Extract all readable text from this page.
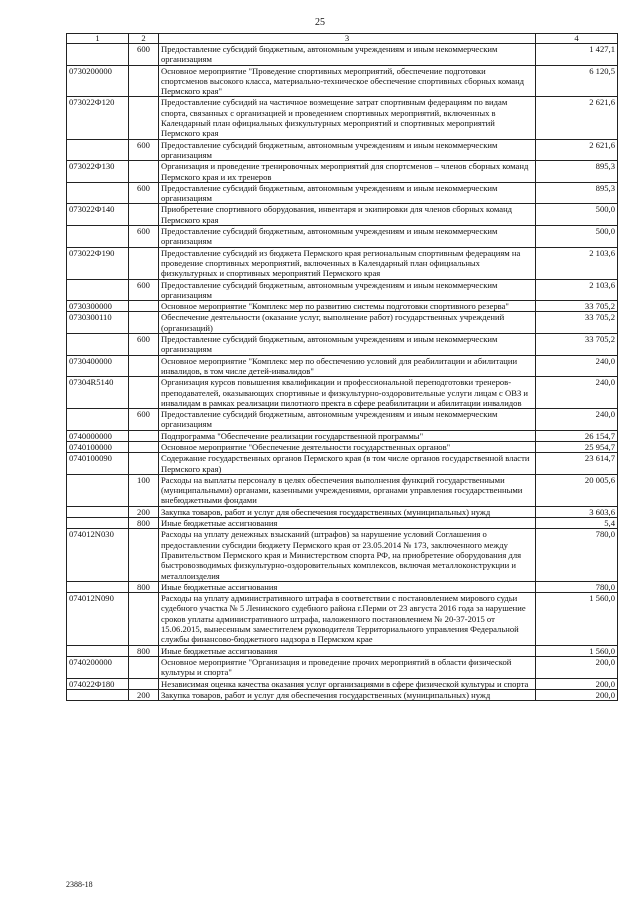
25
1	2	3	4
	600	Предоставление субсидий бюджетным, автономным учреждениям и иным некоммерческим организациям	1 427,1
0730200000		Основное мероприятие "Проведение спортивных мероприятий, обеспечение подготовки спортсменов высокого класса, материально-техническое обеспечение спортивных сборных команд Пермского края"	6 120,5
073022Ф120		Предоставление субсидий на частичное возмещение затрат спортивным федерациям по видам спорта, связанных с организацией и проведением спортивных мероприятий, включенных в Календарный план официальных физкультурных мероприятий и спортивных мероприятий Пермского края	2 621,6
	600	Предоставление субсидий бюджетным, автономным учреждениям и иным некоммерческим организациям	2 621,6
073022Ф130		Организация и проведение тренировочных мероприятий для спортсменов – членов сборных команд Пермского края и их тренеров	895,3
	600	Предоставление субсидий бюджетным, автономным учреждениям и иным некоммерческим организациям	895,3
073022Ф140		Приобретение спортивного оборудования, инвентаря и экипировки для членов сборных команд Пермского края	500,0
	600	Предоставление субсидий бюджетным, автономным учреждениям и иным некоммерческим организациям	500,0
073022Ф190		Предоставление субсидий из бюджета Пермского края региональным спортивным федерациям на проведение спортивных мероприятий, включенных в Календарный план официальных физкультурных и спортивных мероприятий Пермского края	2 103,6
	600	Предоставление субсидий бюджетным, автономным учреждениям и иным некоммерческим организациям	2 103,6
0730300000		Основное мероприятие "Комплекс мер по развитию системы подготовки спортивного резерва"	33 705,2
0730300110		Обеспечение деятельности (оказание услуг, выполнение работ) государственных учреждений (организаций)	33 705,2
	600	Предоставление субсидий бюджетным, автономным учреждениям и иным некоммерческим организациям	33 705,2
0730400000		Основное мероприятие "Комплекс мер по обеспечению условий для реабилитации и абилитации инвалидов, в том числе детей-инвалидов"	240,0
07304R5140		Организация курсов повышения квалификации и профессиональной переподготовки тренеров-преподавателей, оказывающих спортивные и физкультурно-оздоровительные услуги лицам с ОВЗ и инвалидам в рамках реализации пилотного пректа в сфере реабилитации и абилитации инвалидов	240,0
	600	Предоставление субсидий бюджетным, автономным учреждениям и иным некоммерческим организациям	240,0
0740000000		Подпрограмма "Обеспечение реализации государственной программы"	26 154,7
0740100000		Основное мероприятие "Обеспечение деятельности государственных органов"	25 954,7
0740100090		Содержание государственных органов Пермского края (в том числе органов государственной власти Пермского края)	23 614,7
	100	Расходы на выплаты персоналу в целях обеспечения выполнения функций государственными (муниципальными) органами, казенными учреждениями, органами управления государственными внебюджетными фондами	20 005,6
	200	Закупка товаров, работ и услуг для обеспечения государственных (муниципальных) нужд	3 603,6
	800	Иные бюджетные ассигнования	5,4
074012N030		Расходы на уплату денежных взысканий (штрафов) за нарушение условий Соглашения о предоставлении субсидии бюджету Пермского края от 23.05.2014 № 173, заключенного между Правительством Пермского края и Министерством спорта РФ, на приобретение оборудования для быстровозводимых физкультурно-оздоровительных комплексов, включая металлоконструкции и металлоизделия	780,0
	800	Иные бюджетные ассигнования	780,0
074012N090		Расходы на уплату административного штрафа в соответствии с постановлением мирового судьи судебного участка № 5 Ленинского судебного района г.Перми от 23 августа 2016 года за нарушение сроков уплаты административного штрафа, наложенного постановлением № 20-37-2015 от 15.06.2015, вынесенным заместителем руководителя Территориального управления Федеральной службы финансово-бюджетного надзора в Пермском крае	1 560,0
	800	Иные бюджетные ассигнования	1 560,0
0740200000		Основное мероприятие "Организация и проведение прочих мероприятий в области физической культуры и спорта"	200,0
074022Ф180		Независимая оценка качества оказания услуг организациями в сфере физической культуры и спорта	200,0
	200	Закупка товаров, работ и услуг для обеспечения государственных (муниципальных) нужд	200,0
2388-18
